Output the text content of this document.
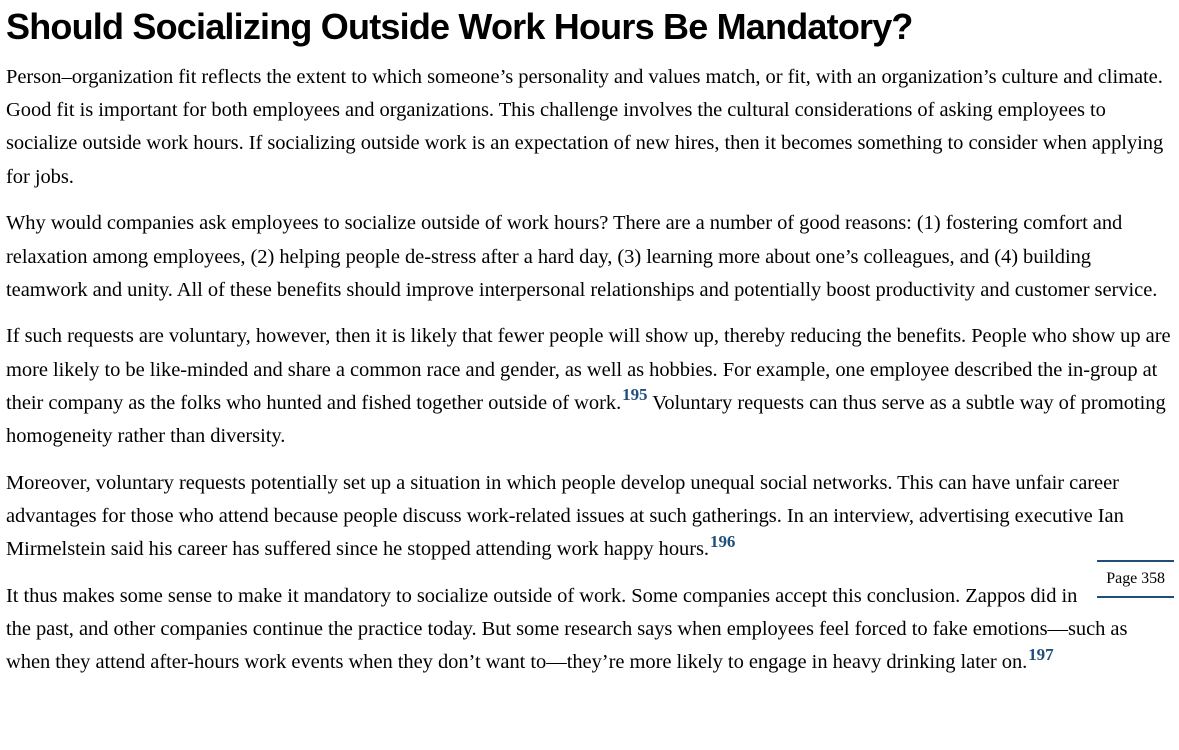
Should Socializing Outside Work Hours Be Mandatory?

Person–organization fit reflects the extent to which someone’s personality and values match, or fit, with an organization’s culture and climate. Good fit is important for both employees and organizations. This challenge involves the cultural considerations of asking employees to socialize outside work hours. If socializing outside work is an expectation of new hires, then it becomes something to consider when applying for jobs.

Why would companies ask employees to socialize outside of work hours? There are a number of good reasons: (1) fostering comfort and relaxation among employees, (2) helping people de-stress after a hard day, (3) learning more about one’s colleagues, and (4) building teamwork and unity. All of these benefits should improve interpersonal relationships and potentially boost productivity and customer service.

If such requests are voluntary, however, then it is likely that fewer people will show up, thereby reducing the benefits. People who show up are more likely to be like-minded and share a common race and gender, as well as hobbies. For example, one employee described the in-group at their company as the folks who hunted and fished together outside of work.$^{195}$ Voluntary requests can thus serve as a subtle way of promoting homogeneity rather than diversity.

Moreover, voluntary requests potentially set up a situation in which people develop unequal social networks. This can have unfair career advantages for those who attend because people discuss work-related issues at such gatherings. In an interview, advertising executive Ian Mirmelstein said his career has suffered since he stopped attending work happy hours.$^{196}$

Page 358
It thus makes some sense to make it mandatory to socialize outside of work. Some companies accept this conclusion. Zappos did in the past, and other companies continue the practice today. But some research says when employees feel forced to fake emotions—such as when they attend after-hours work events when they don’t want to—they’re more likely to engage in heavy drinking later on.$^{197}$
